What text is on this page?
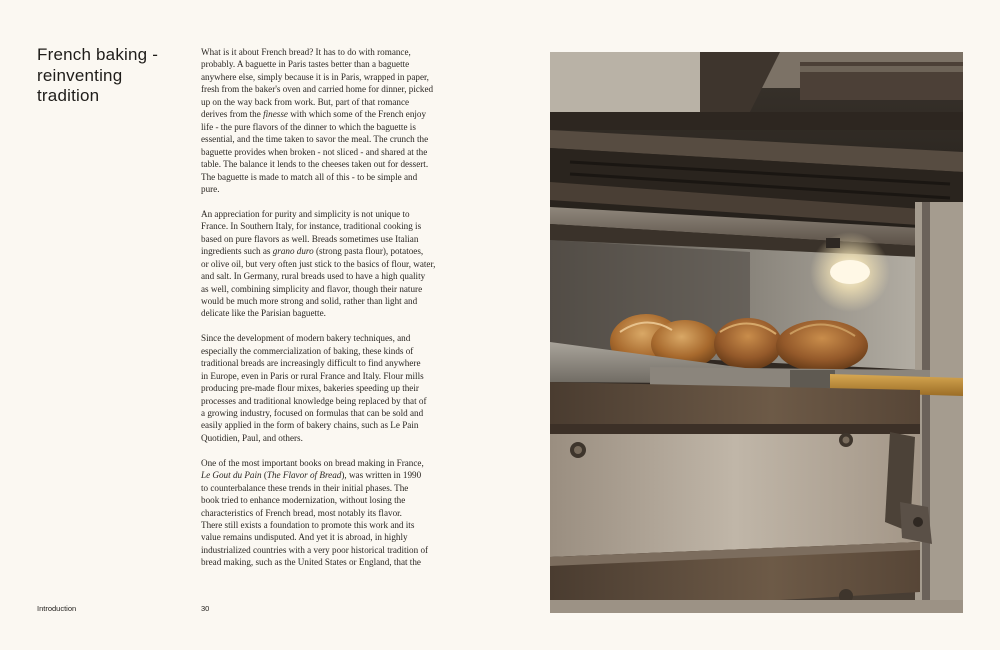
French baking -
reinventing
tradition
What is it about French bread? It has to do with romance,
probably. A baguette in Paris tastes better than a baguette
anywhere else, simply because it is in Paris, wrapped in paper,
fresh from the baker's oven and carried home for dinner, picked
up on the way back from work. But, part of that romance
derives from the finesse with which some of the French enjoy
life - the pure flavors of the dinner to which the baguette is
essential, and the time taken to savor the meal. The crunch the
baguette provides when broken - not sliced - and shared at the
table. The balance it lends to the cheeses taken out for dessert.
The baguette is made to match all of this - to be simple and
pure.
An appreciation for purity and simplicity is not unique to
France. In Southern Italy, for instance, traditional cooking is
based on pure flavors as well. Breads sometimes use Italian
ingredients such as grano duro (strong pasta flour), potatoes,
or olive oil, but very often just stick to the basics of flour, water,
and salt. In Germany, rural breads used to have a high quality
as well, combining simplicity and flavor, though their nature
would be much more strong and solid, rather than light and
delicate like the Parisian baguette.
Since the development of modern bakery techniques, and
especially the commercialization of baking, these kinds of
traditional breads are increasingly difficult to find anywhere
in Europe, even in Paris or rural France and Italy. Flour mills
producing pre-made flour mixes, bakeries speeding up their
processes and traditional knowledge being replaced by that of
a growing industry, focused on formulas that can be sold and
easily applied in the form of bakery chains, such as Le Pain
Quotidien, Paul, and others.
One of the most important books on bread making in France,
Le Gout du Pain (The Flavor of Bread), was written in 1990
to counterbalance these trends in their initial phases. The
book tried to enhance modernization, without losing the
characteristics of French bread, most notably its flavor.
There still exists a foundation to promote this work and its
value remains undisputed. And yet it is abroad, in highly
industrialized countries with a very poor historical tradition of
bread making, such as the United States or England, that the
Introduction	30
